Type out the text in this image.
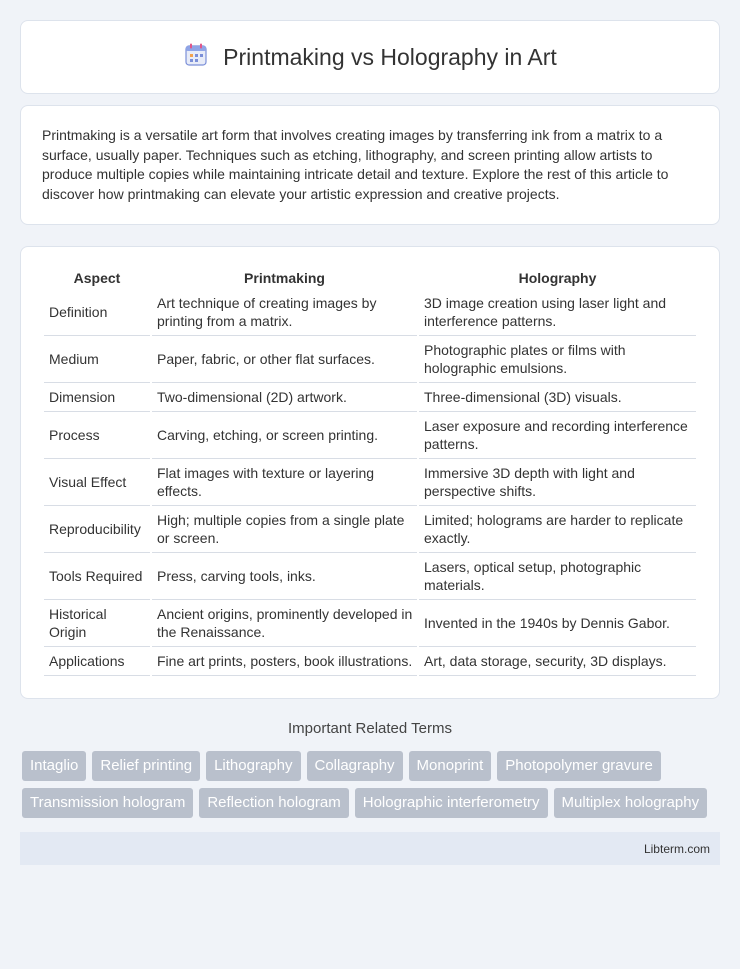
Printmaking vs Holography in Art
Printmaking is a versatile art form that involves creating images by transferring ink from a matrix to a surface, usually paper. Techniques such as etching, lithography, and screen printing allow artists to produce multiple copies while maintaining intricate detail and texture. Explore the rest of this article to discover how printmaking can elevate your artistic expression and creative projects.
Aspect	Printmaking	Holography
Definition	Art technique of creating images by printing from a matrix.	3D image creation using laser light and interference patterns.
Medium	Paper, fabric, or other flat surfaces.	Photographic plates or films with holographic emulsions.
Dimension	Two-dimensional (2D) artwork.	Three-dimensional (3D) visuals.
Process	Carving, etching, or screen printing.	Laser exposure and recording interference patterns.
Visual Effect	Flat images with texture or layering effects.	Immersive 3D depth with light and perspective shifts.
Reproducibility	High; multiple copies from a single plate or screen.	Limited; holograms are harder to replicate exactly.
Tools Required	Press, carving tools, inks.	Lasers, optical setup, photographic materials.
Historical Origin	Ancient origins, prominently developed in the Renaissance.	Invented in the 1940s by Dennis Gabor.
Applications	Fine art prints, posters, book illustrations.	Art, data storage, security, 3D displays.
Important Related Terms
Intaglio	Relief printing	Lithography	Collagraphy	Monoprint	Photopolymer gravure
Transmission hologram	Reflection hologram	Holographic interferometry	Multiplex holography
Libterm.com
